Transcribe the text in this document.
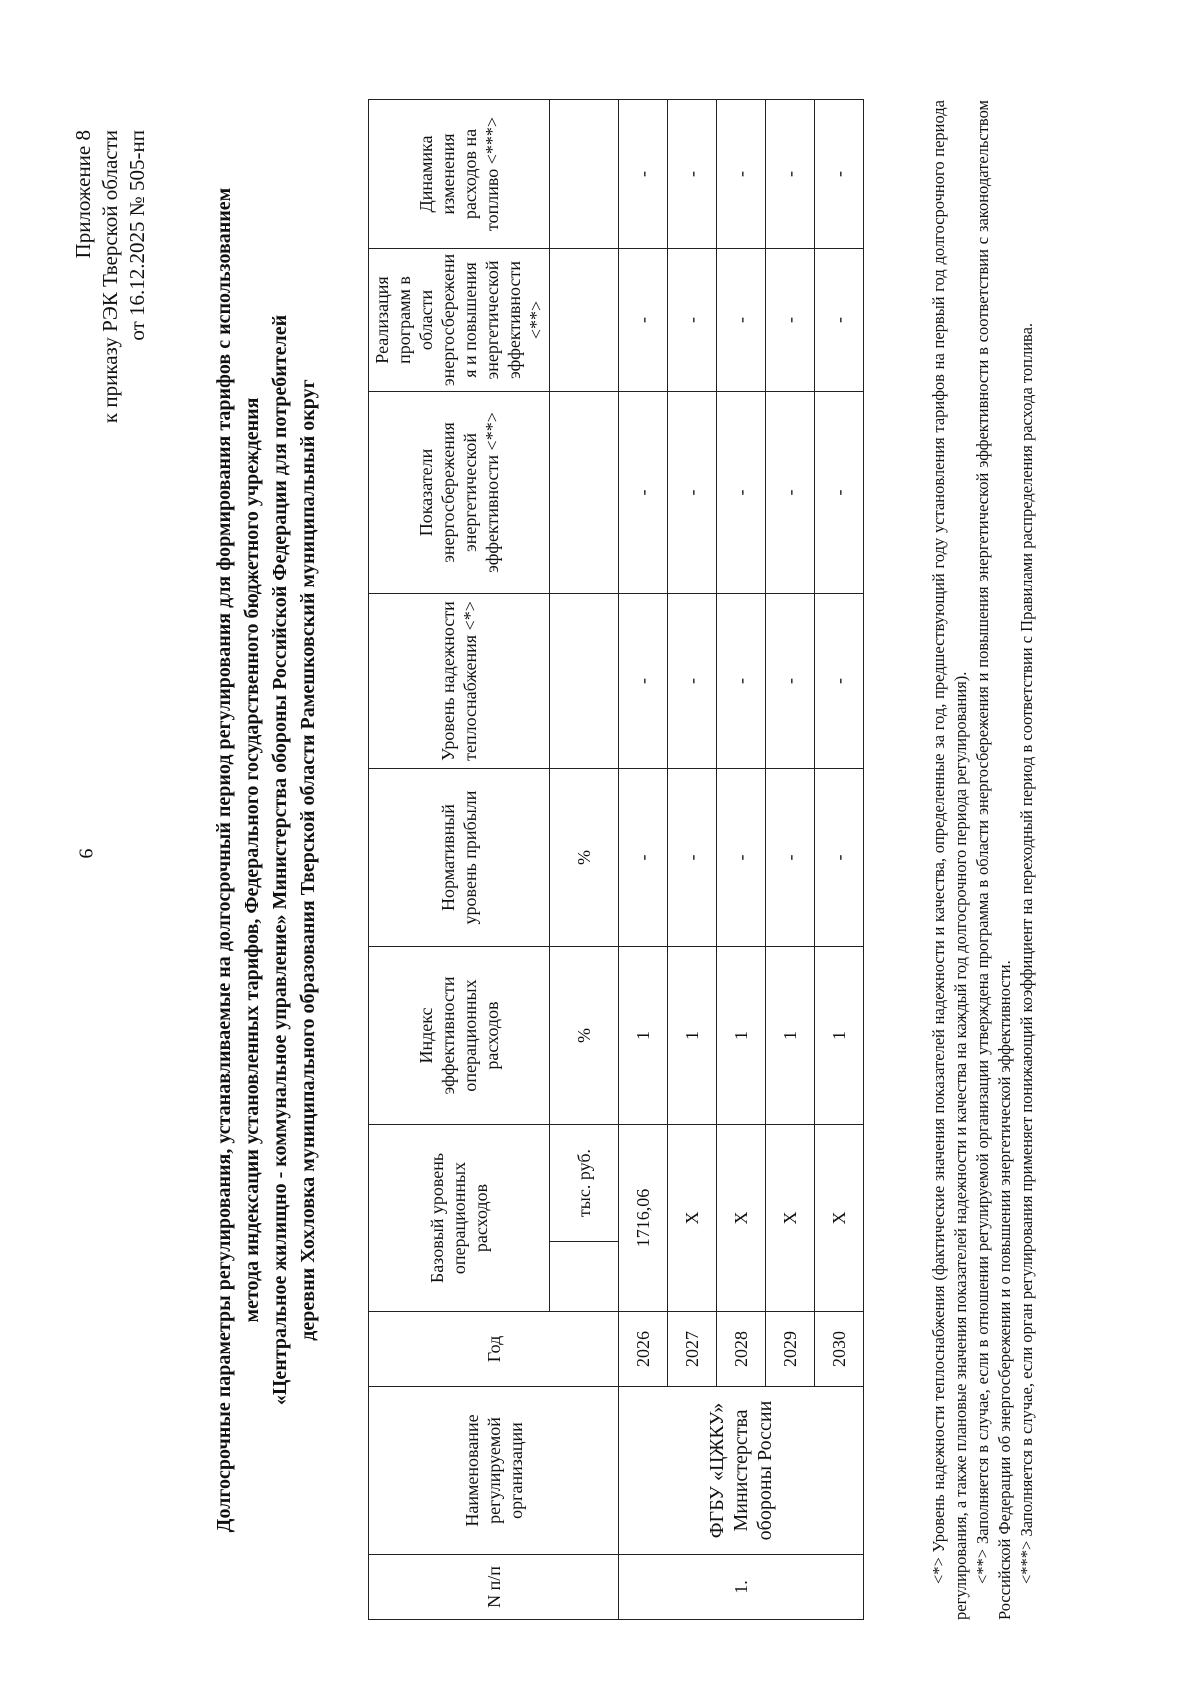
9
Приложение 8 к приказу РЭК Тверской области от 16.12.2025 № 505-нп	Долгосрочные параметры регулирования, устанавливаемые на долгосрочный период регулирования для формирования тарифов с использованием метода индексации установленных тарифов, Федерального государственного бюджетного учреждения «Центральное жилищно - коммунальное управление» Министерства обороны Российской Федерации для потребителей деревни Хохловка муниципального образования Тверской области Рамешковский муниципальный округ
N п/п	Наименование регулируемой организации	Год	Базовый уровень операционных расходов		Индекс эффективности операционных расходов	Нормативный уровень прибыли	Уровень надежности теплоснабжения <*>	Показатели энергосбережения энергетической эффективности <**>	Реализация программ в области энергосбережени я и повышения энергетической эффективности <**>	Динамика изменения расходов на топливо <***>
				тыс. руб.	%	%				
1.	ФГБУ «ЦЖКУ» Министерства обороны России	2026	1716,06		1	-	-	-	-	-
		2027	X		1	-	-	-	-	-
		2028	X		1	-	-	-	-	-
		2029	X		1	-	-	-	-	-
		2030	X		1	-	-	-	-	-	<*> Уровень надежности теплоснабжения (фактические значения показателей надежности и качества, определенные за год, предшествующий году установления тарифов на первый год долгосрочного периода регулирования, а также плановые значения показателей надежности и качества на каждый год долгосрочного периода регулирования). <**> Заполняется в случае, если в отношении регулируемой организации утверждена программа в области энергосбережения и повышения энергетической эффективности в соответствии с законодательством Российской Федерации об энергосбережении и о повышении энергетической эффективности. <***> Заполняется в случае, если орган регулирования применяет понижающий коэффициент на переходный период в соответствии с Правилами распределения расхода топлива.
